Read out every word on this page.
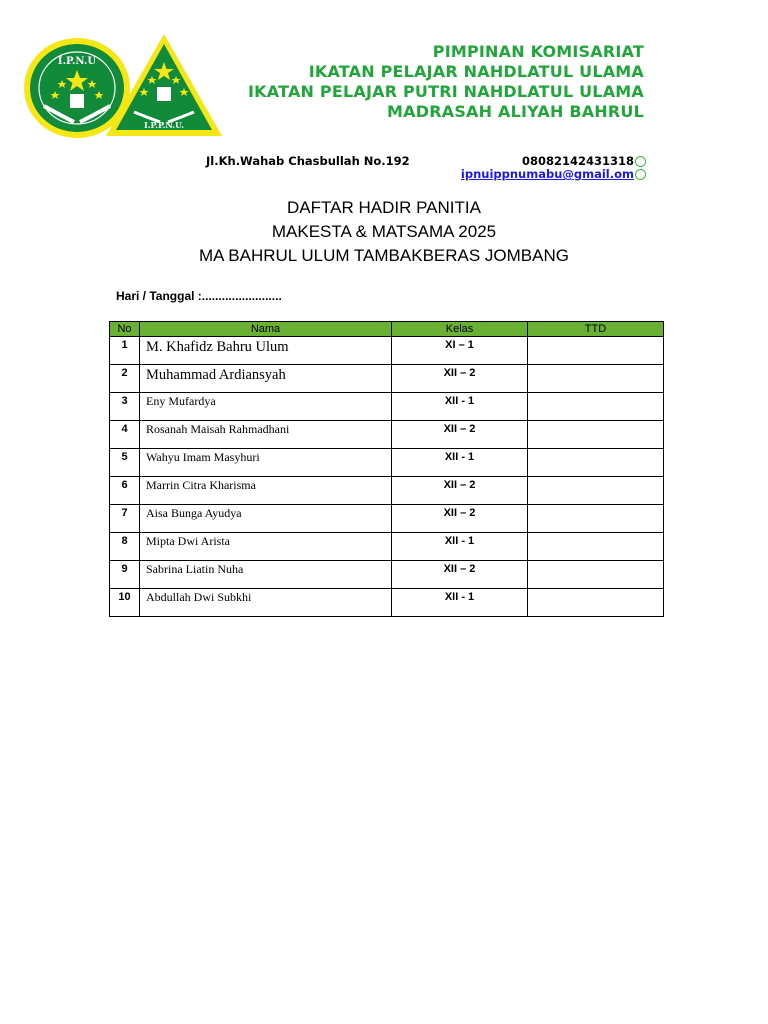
I.P.N.U
I.P.P.N.U.
PIMPINAN KOMISARIAT
IKATAN PELAJAR NAHDLATUL ULAMA
IKATAN PELAJAR PUTRI NAHDLATUL ULAMA
MADRASAH ALIYAH BAHRUL
Jl.Kh.Wahab Chasbullah No.192	08082142431318
ipnuippnumabu@gmail.om
DAFTAR HADIR PANITIA
MAKESTA & MATSAMA 2025
MA BAHRUL ULUM TAMBAKBERAS JOMBANG
Hari / Tanggal :........................
No	Nama	Kelas	TTD
1	M. Khafidz Bahru Ulum	XI – 1	
2	Muhammad Ardiansyah	XII – 2	
3	Eny Mufardya	XII - 1	
4	Rosanah Maisah Rahmadhani	XII – 2	
5	Wahyu Imam Masyhuri	XII - 1	
6	Marrin Citra Kharisma	XII – 2	
7	Aisa Bunga Ayudya	XII – 2	
8	Mipta Dwi Arista	XII - 1	
9	Sabrina Liatin Nuha	XII – 2	
10	Abdullah Dwi Subkhi	XII - 1	
